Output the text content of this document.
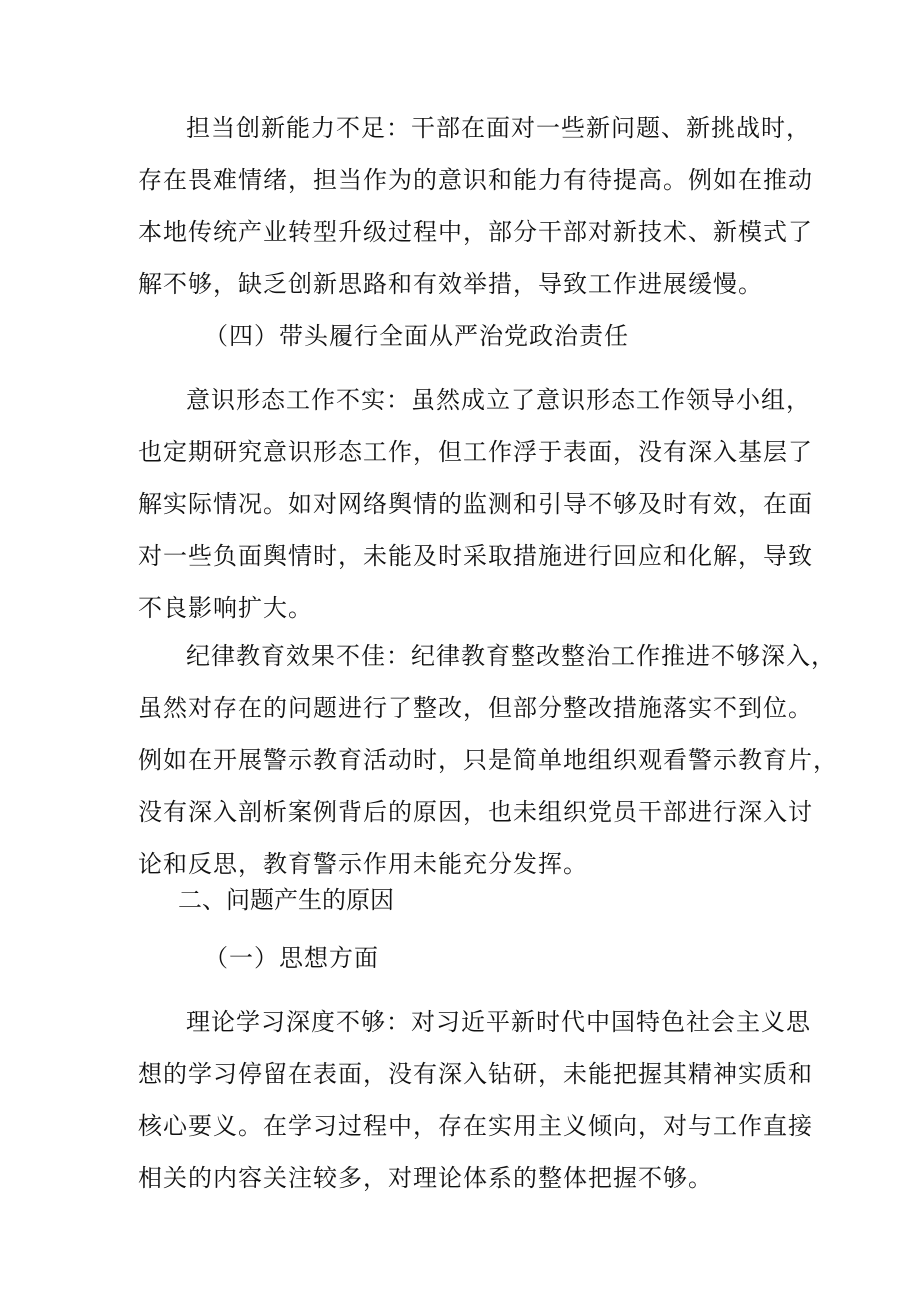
担当创新能力不足：干部在面对一些新问题、新挑战时，
存在畏难情绪，担当作为的意识和能力有待提高。例如在推动
本地传统产业转型升级过程中，部分干部对新技术、新模式了
解不够，缺乏创新思路和有效举措，导致工作进展缓慢。
（四）带头履行全面从严治党政治责任
意识形态工作不实：虽然成立了意识形态工作领导小组，
也定期研究意识形态工作，但工作浮于表面，没有深入基层了
解实际情况。如对网络舆情的监测和引导不够及时有效，在面
对一些负面舆情时，未能及时采取措施进行回应和化解，导致
不良影响扩大。
纪律教育效果不佳：纪律教育整改整治工作推进不够深入，
虽然对存在的问题进行了整改，但部分整改措施落实不到位。
例如在开展警示教育活动时，只是简单地组织观看警示教育片，
没有深入剖析案例背后的原因，也未组织党员干部进行深入讨
论和反思，教育警示作用未能充分发挥。
二、问题产生的原因
（一）思想方面
理论学习深度不够：对习近平新时代中国特色社会主义思
想的学习停留在表面，没有深入钻研，未能把握其精神实质和
核心要义。在学习过程中，存在实用主义倾向，对与工作直接
相关的内容关注较多，对理论体系的整体把握不够。
